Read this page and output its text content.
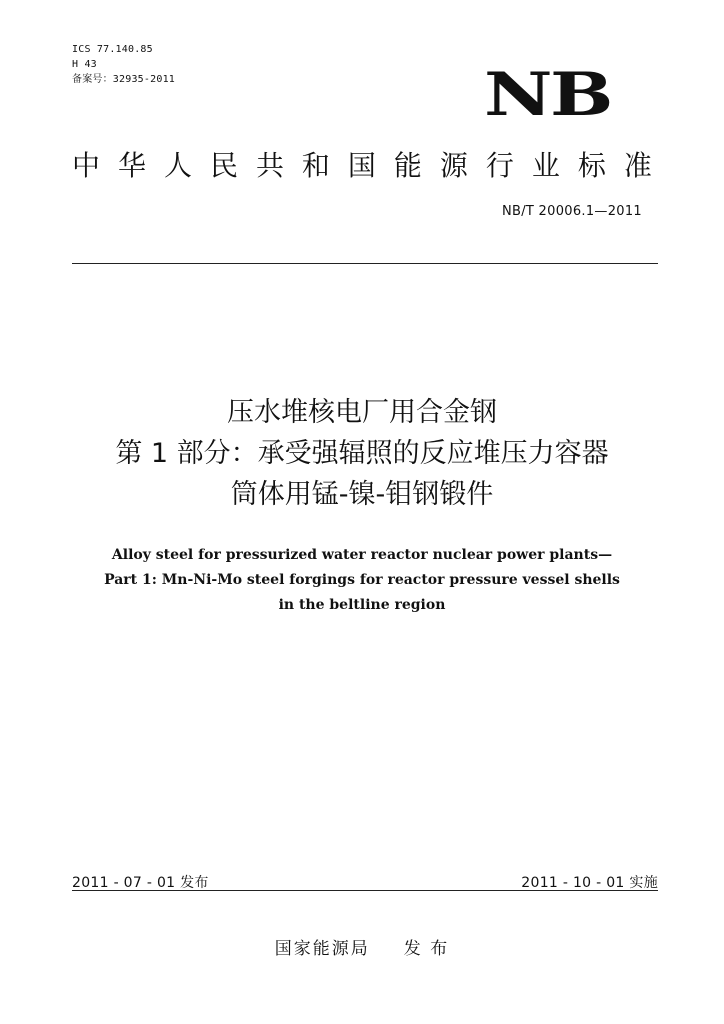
ICS 77.140.85
H 43
备案号：32935-2011	NB
中 华 人 民 共 和 国 能 源 行 业 标 准
NB/T 20006.1—2011
压水堆核电厂用合金钢
第 1 部分：承受强辐照的反应堆压力容器
筒体用锰-镍-钼钢锻件
Alloy steel for pressurized water reactor nuclear power plants—
Part 1: Mn-Ni-Mo steel forgings for reactor pressure vessel shells
in the beltline region
2011 - 07 - 01 发布	2011 - 10 - 01 实施
国家能源局 发 布
